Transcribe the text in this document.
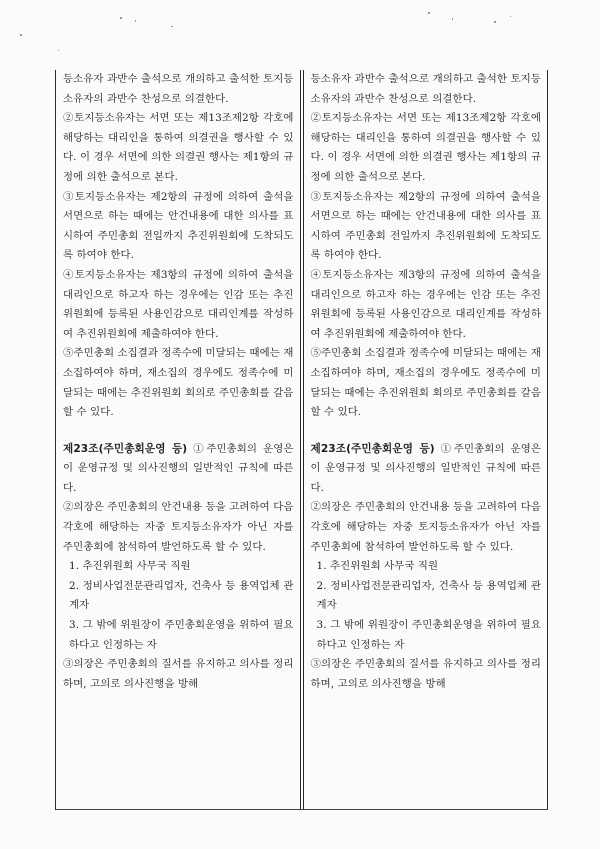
등소유자 과반수 출석으로 개의하고 출석한 토지등소유자의 과반수 찬성으로 의결한다.

②토지등소유자는 서면 또는 제13조제2항 각호에 해당하는 대리인을 통하여 의결권을 행사할 수 있다. 이 경우 서면에 의한 의결권 행사는 제1항의 규정에 의한 출석으로 본다.

③토지등소유자는 제2항의 규정에 의하여 출석을 서면으로 하는 때에는 안건내용에 대한 의사를 표시하여 주민총회 전일까지 추진위원회에 도착되도록 하여야 한다.

④토지등소유자는 제3항의 규정에 의하여 출석을 대리인으로 하고자 하는 경우에는 인감 또는 추진위원회에 등록된 사용인감으로 대리인계를 작성하여 추진위원회에 제출하여야 한다.

⑤주민총회 소집결과 정족수에 미달되는 때에는 재소집하여야 하며, 재소집의 경우에도 정족수에 미달되는 때에는 추진위원회 회의로 주민총회를 갈음할 수 있다.

제23조(주민총회운영 등) ①주민총회의 운영은 이 운영규정 및 의사진행의 일반적인 규칙에 따른다.

②의장은 주민총회의 안건내용 등을 고려하여 다음 각호에 해당하는 자중 토지등소유자가 아닌 자를 주민총회에 참석하여 발언하도록 할 수 있다.

1. 추진위원회 사무국 직원

2. 정비사업전문관리업자, 건축사 등 용역업체 관계자

3. 그 밖에 위원장이 주민총회운영을 위하여 필요하다고 인정하는 자

③의장은 주민총회의 질서를 유지하고 의사를 정리하며, 고의로 의사진행을 방해

등소유자 과반수 출석으로 개의하고 출석한 토지등소유자의 과반수 찬성으로 의결한다.

②토지등소유자는 서면 또는 제13조제2항 각호에 해당하는 대리인을 통하여 의결권을 행사할 수 있다. 이 경우 서면에 의한 의결권 행사는 제1항의 규정에 의한 출석으로 본다.

③토지등소유자는 제2항의 규정에 의하여 출석을 서면으로 하는 때에는 안건내용에 대한 의사를 표시하여 주민총회 전일까지 추진위원회에 도착되도록 하여야 한다.

④토지등소유자는 제3항의 규정에 의하여 출석을 대리인으로 하고자 하는 경우에는 인감 또는 추진위원회에 등록된 사용인감으로 대리인계를 작성하여 추진위원회에 제출하여야 한다.

⑤주민총회 소집결과 정족수에 미달되는 때에는 재소집하여야 하며, 재소집의 경우에도 정족수에 미달되는 때에는 추진위원회 회의로 주민총회를 갈음할 수 있다.

제23조(주민총회운영 등) ①주민총회의 운영은 이 운영규정 및 의사진행의 일반적인 규칙에 따른다.

②의장은 주민총회의 안건내용 등을 고려하여 다음 각호에 해당하는 자중 토지등소유자가 아닌 자를 주민총회에 참석하여 발언하도록 할 수 있다.

1. 추진위원회 사무국 직원

2. 정비사업전문관리업자, 건축사 등 용역업체 관계자

3. 그 밖에 위원장이 주민총회운영을 위하여 필요하다고 인정하는 자

③의장은 주민총회의 질서를 유지하고 의사를 정리하며, 고의로 의사진행을 방해
